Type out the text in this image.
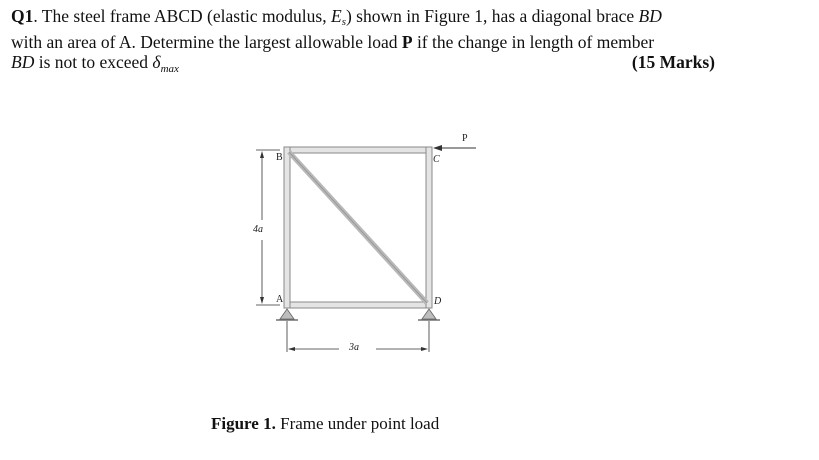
Q1. The steel frame ABCD (elastic modulus, $E_s$) shown in Figure 1, has a diagonal brace BD

with an area of A. Determine the largest allowable load P if the change in length of member

BD is not to exceed $\delta_{max}$	(15 Marks)

P
B	C
A	D
4a
3a
Figure 1. Frame under point load
